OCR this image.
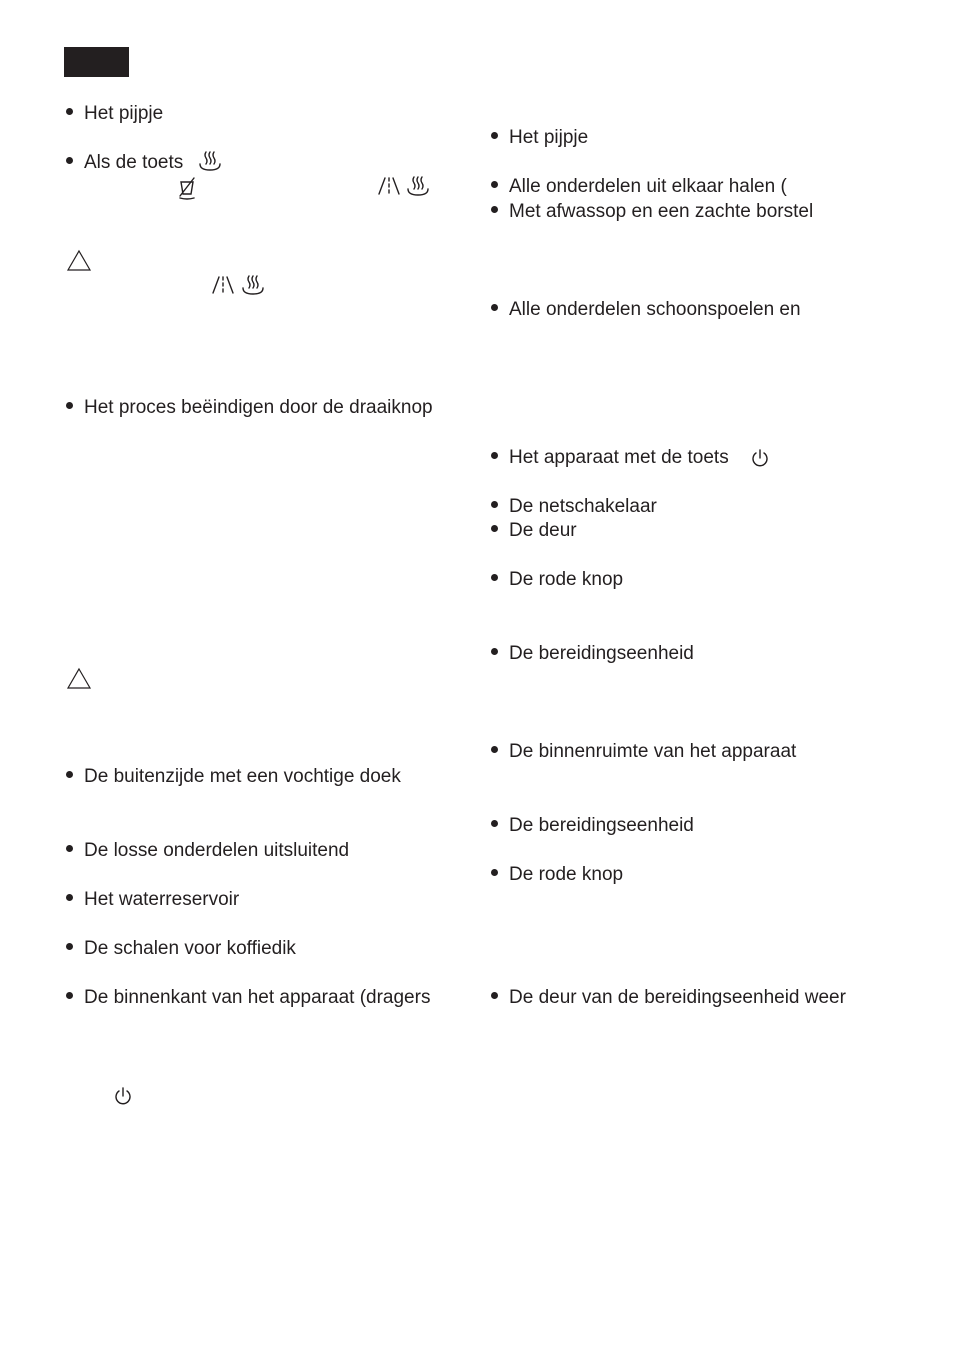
Het pijpje
Als de toets
Het proces beëindigen door de draaiknop
De buitenzijde met een vochtige doek
De losse onderdelen uitsluitend
Het waterreservoir
De schalen voor koffiedik
De binnenkant van het apparaat (dragers
Het pijpje
Alle onderdelen uit elkaar halen (
Met afwassop en een zachte borstel
Alle onderdelen schoonspoelen en
Het apparaat met de toets
De netschakelaar
De deur
De rode knop
De bereidingseenheid
De binnenruimte van het apparaat
De bereidingseenheid
De rode knop
De deur van de bereidingseenheid weer
